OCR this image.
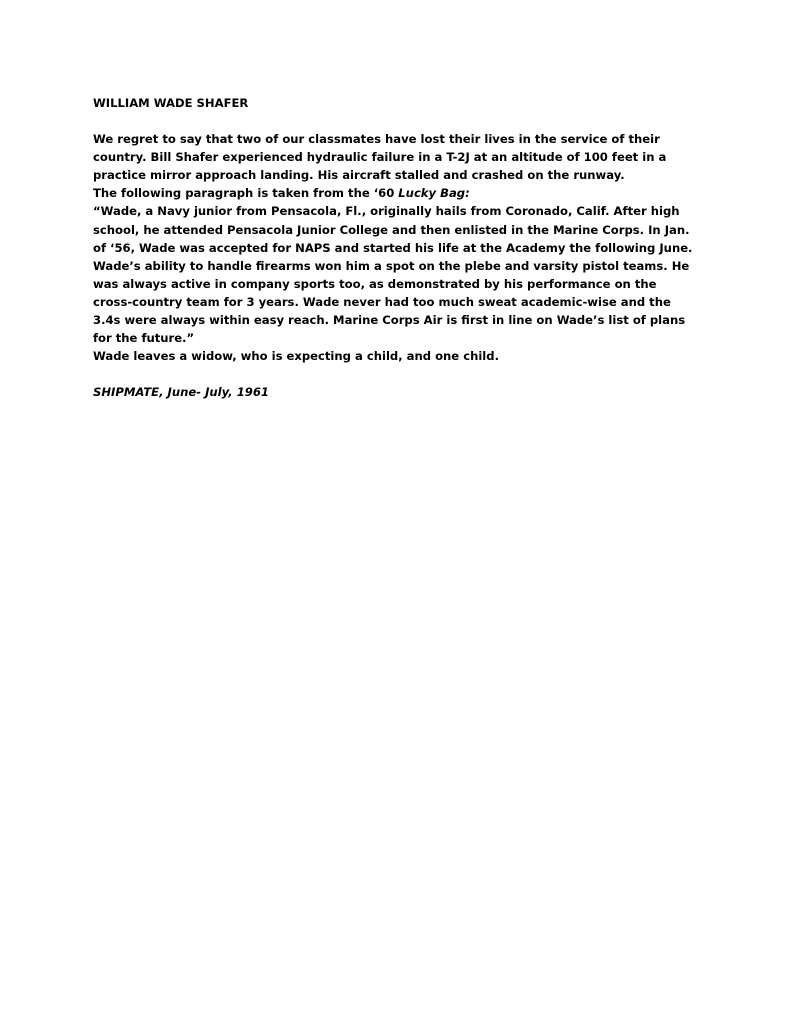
WILLIAM WADE SHAFER
We regret to say that two of our classmates have lost their lives in the service of their
country. Bill Shafer experienced hydraulic failure in a T-2J at an altitude of 100 feet in a
practice mirror approach landing. His aircraft stalled and crashed on the runway.
The following paragraph is taken from the ‘60 Lucky Bag:
“Wade, a Navy junior from Pensacola, Fl., originally hails from Coronado, Calif. After high
school, he attended Pensacola Junior College and then enlisted in the Marine Corps. In Jan.
of ‘56, Wade was accepted for NAPS and started his life at the Academy the following June.
Wade’s ability to handle firearms won him a spot on the plebe and varsity pistol teams. He
was always active in company sports too, as demonstrated by his performance on the
cross-country team for 3 years. Wade never had too much sweat academic-wise and the
3.4s were always within easy reach. Marine Corps Air is first in line on Wade’s list of plans
for the future.”
Wade leaves a widow, who is expecting a child, and one child.
SHIPMATE, June- July, 1961
